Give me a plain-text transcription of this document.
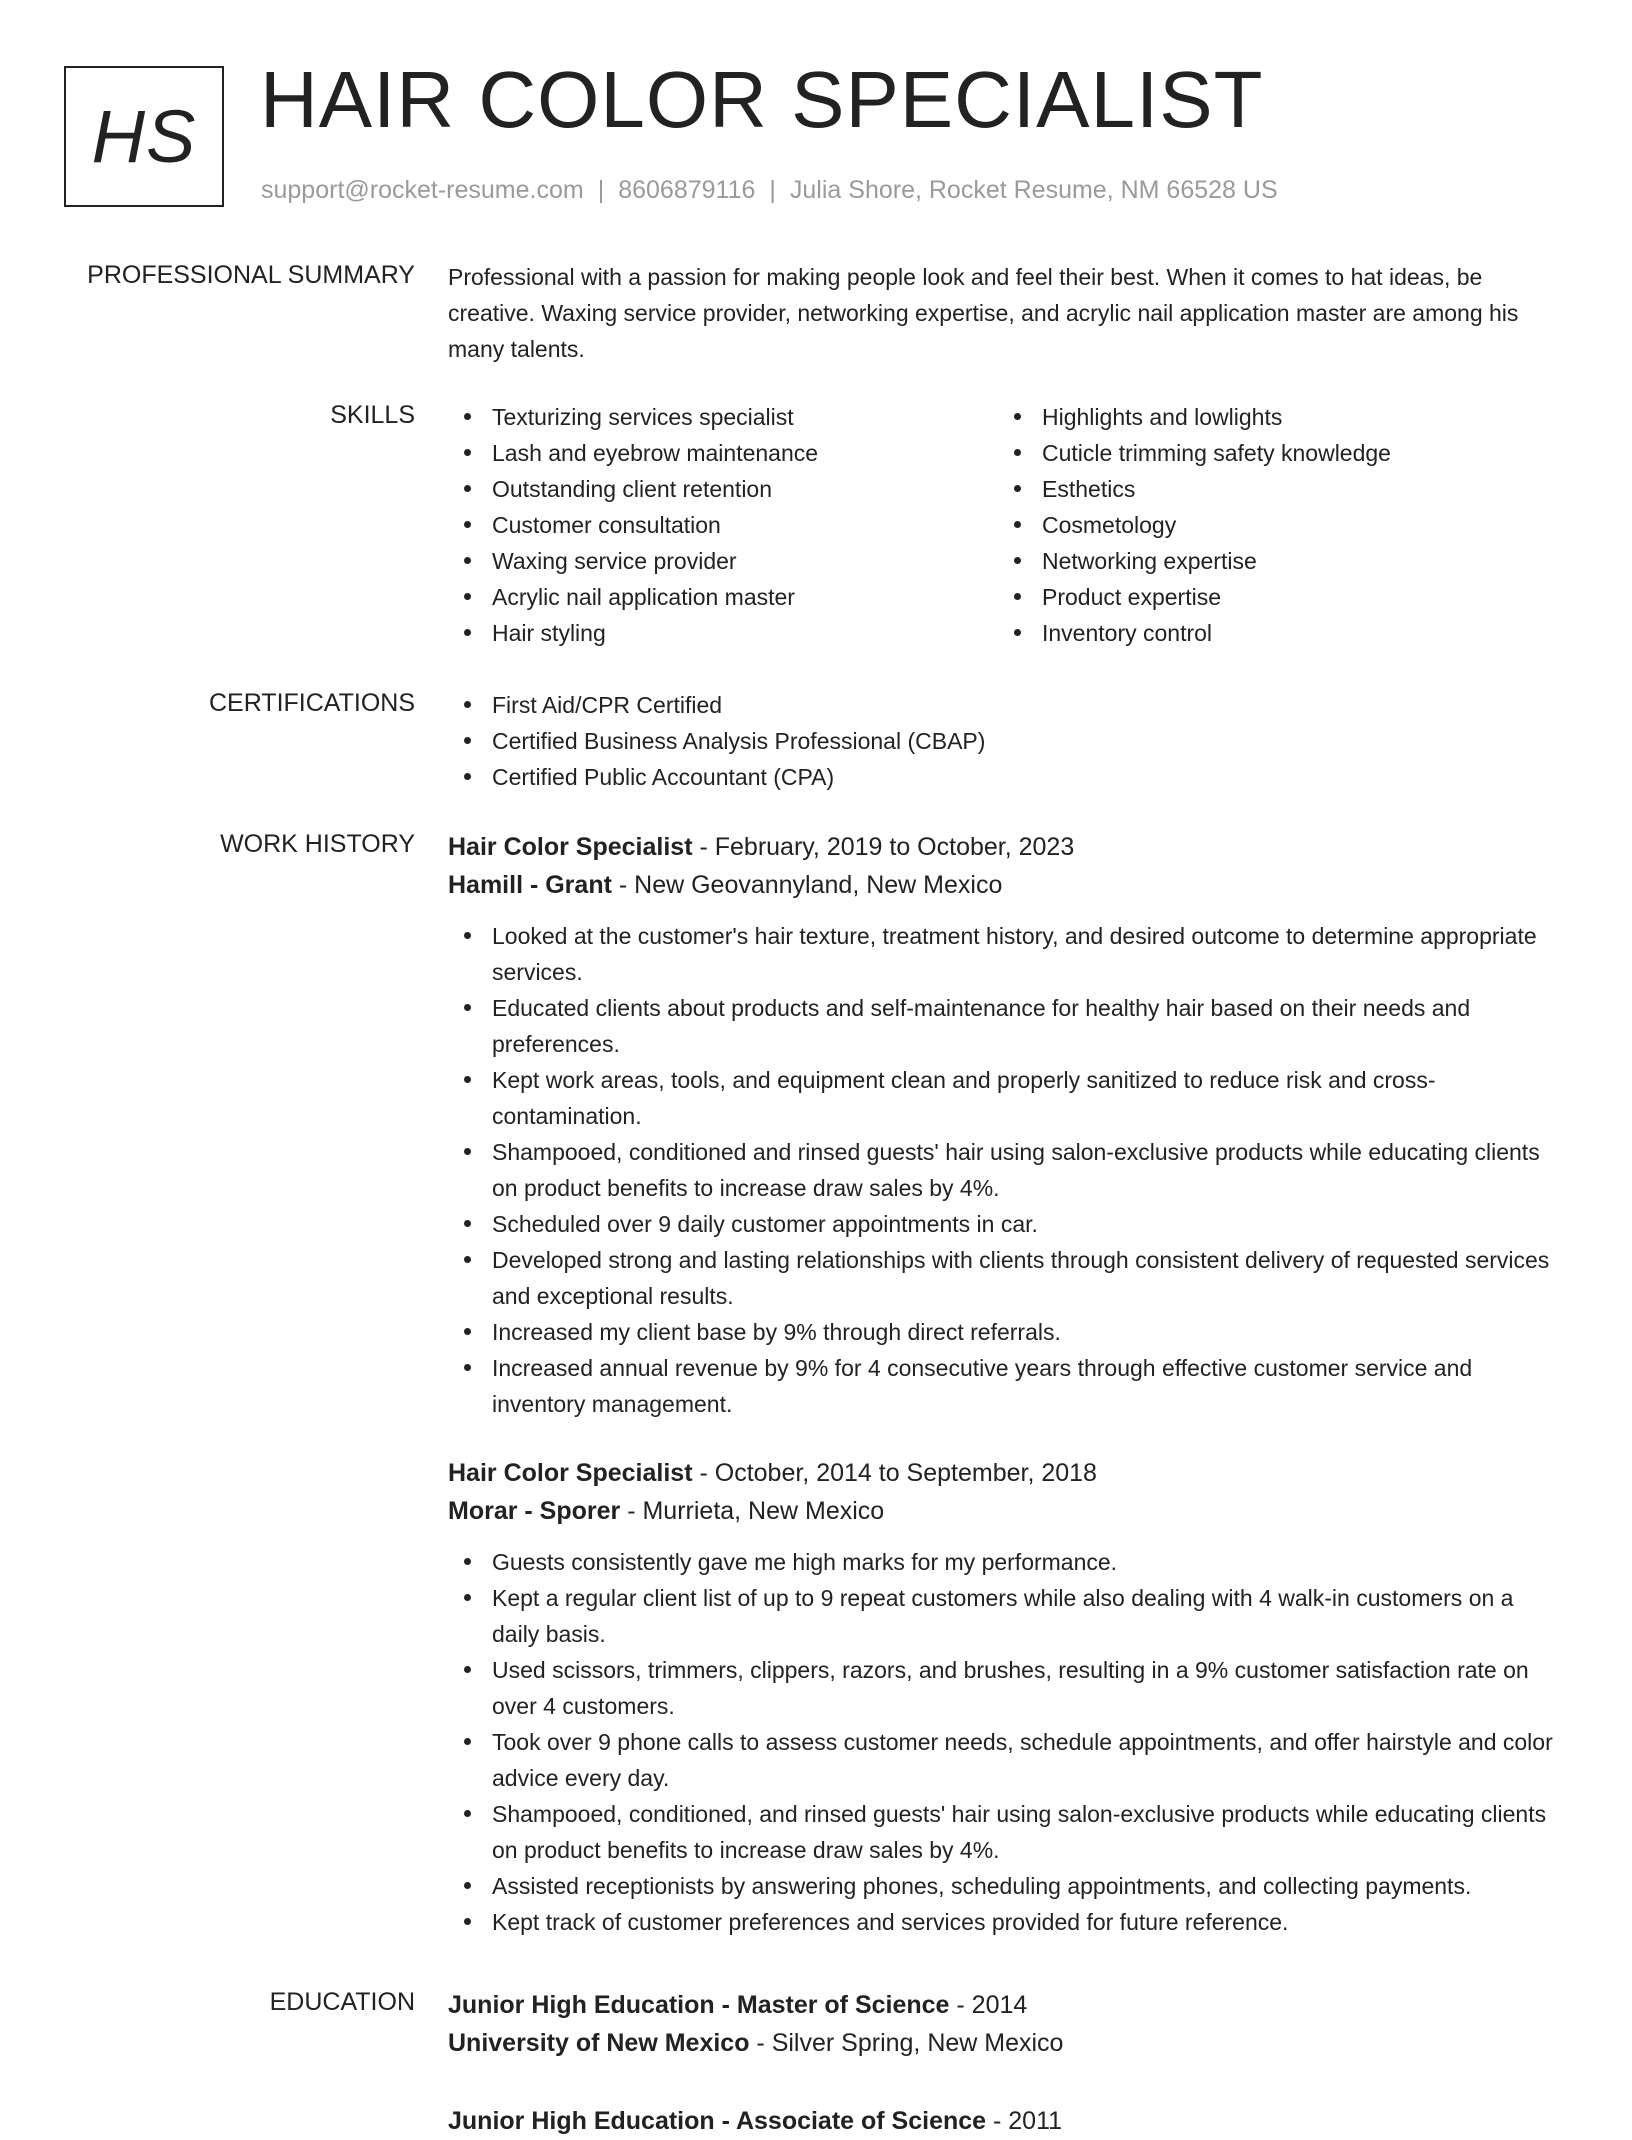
HS HAIR COLOR SPECIALIST
support@rocket-resume.com | 8606879116 | Julia Shore, Rocket Resume, NM 66528 US
PROFESSIONAL SUMMARY Professional with a passion for making people look and feel their best. When it comes to hat ideas, be creative. Waxing service provider, networking expertise, and acrylic nail application master are among his many talents.

SKILLS	Texturizing services specialist
Lash and eyebrow maintenance
Outstanding client retention
Customer consultation
Waxing service provider
Acrylic nail application master
Hair styling
Highlights and lowlights
Cuticle trimming safety knowledge
Esthetics
Cosmetology
Networking expertise
Product expertise
Inventory control
CERTIFICATIONS	First Aid/CPR Certified
Certified Business Analysis Professional (CBAP)
Certified Public Accountant (CPA)
WORK HISTORY Hair Color Specialist - February, 2019 to October, 2023
Hamill - Grant - New Geovannyland, New Mexico
Looked at the customer's hair texture, treatment history, and desired outcome to determine appropriate services.
Educated clients about products and self-maintenance for healthy hair based on their needs and preferences.
Kept work areas, tools, and equipment clean and properly sanitized to reduce risk and cross-contamination.
Shampooed, conditioned and rinsed guests' hair using salon-exclusive products while educating clients on product benefits to increase draw sales by 4%.
Scheduled over 9 daily customer appointments in car.
Developed strong and lasting relationships with clients through consistent delivery of requested services and exceptional results.
Increased my client base by 9% through direct referrals.
Increased annual revenue by 9% for 4 consecutive years through effective customer service and inventory management.
Hair Color Specialist - October, 2014 to September, 2018
Morar - Sporer - Murrieta, New Mexico
Guests consistently gave me high marks for my performance.
Kept a regular client list of up to 9 repeat customers while also dealing with 4 walk-in customers on a daily basis.
Used scissors, trimmers, clippers, razors, and brushes, resulting in a 9% customer satisfaction rate on over 4 customers.
Took over 9 phone calls to assess customer needs, schedule appointments, and offer hairstyle and color advice every day.
Shampooed, conditioned, and rinsed guests' hair using salon-exclusive products while educating clients on product benefits to increase draw sales by 4%.
Assisted receptionists by answering phones, scheduling appointments, and collecting payments.
Kept track of customer preferences and services provided for future reference.
EDUCATION Junior High Education - Master of Science - 2014
University of New Mexico - Silver Spring, New Mexico
Junior High Education - Associate of Science - 2011
